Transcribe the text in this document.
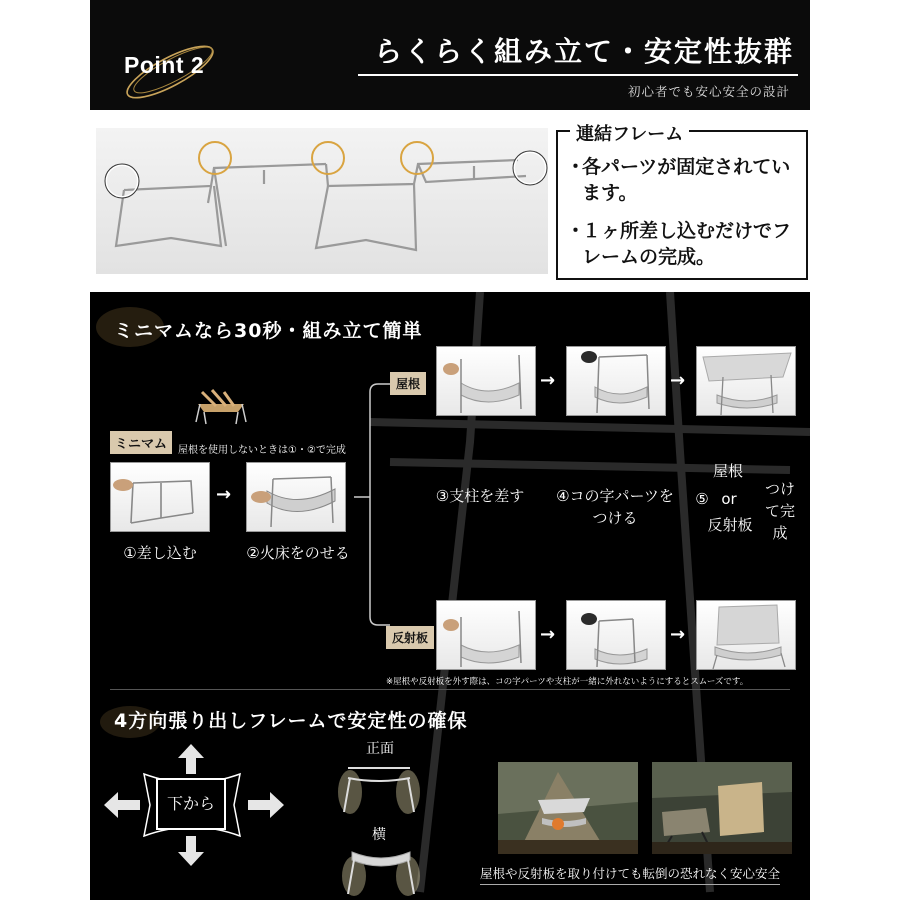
Point 2	らくらく組み立て・安定性抜群
初心者でも安心安全の設計
連結フレーム
・
各パーツが固定されています。
・
１ヶ所差し込むだけでフレームの完成。
ミニマムなら30秒・組み立て簡単
ミニマム	屋根を使用しないときは①・②で完成
→
①差し込む	②火床をのせる
屋根
反射板
→	→
③支柱を差す	④コの字パーツをつける
屋根
⑤ or
反射板
つけて完成
→	→
※屋根や反射板を外す際は、コの字パーツや支柱が一緒に外れないようにするとスムーズです。
4方向張り出しフレームで安定性の確保
下から
正面
横
屋根や反射板を取り付けても転倒の恐れなく安心安全
